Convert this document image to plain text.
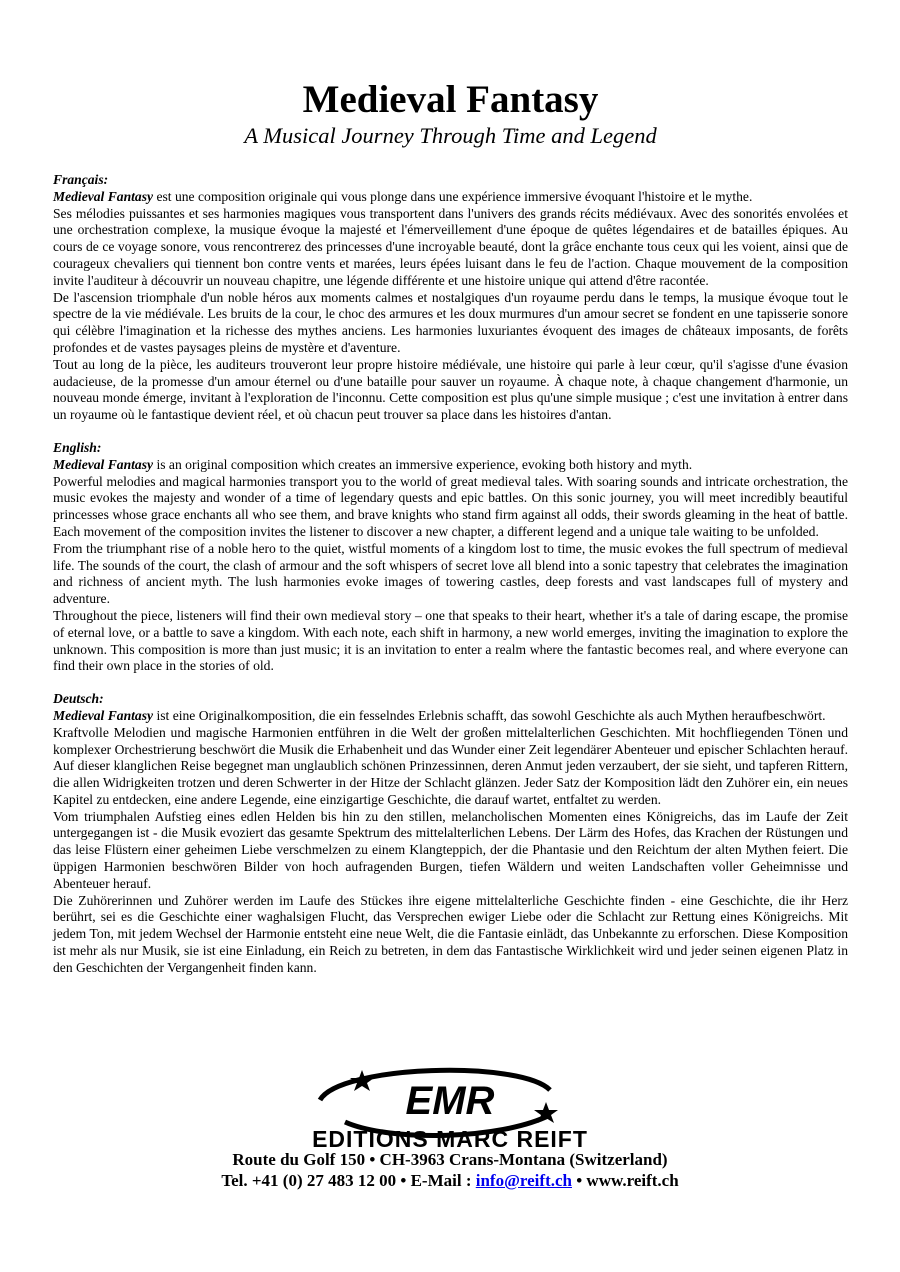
Medieval Fantasy

A Musical Journey Through Time and Legend

Français:

Medieval Fantasy est une composition originale qui vous plonge dans une expérience immersive évoquant l'histoire et le mythe.

Ses mélodies puissantes et ses harmonies magiques vous transportent dans l'univers des grands récits médiévaux. Avec des sonorités envolées et une orchestration complexe, la musique évoque la majesté et l'émerveillement d'une époque de quêtes légendaires et de batailles épiques. Au cours de ce voyage sonore, vous rencontrerez des princesses d'une incroyable beauté, dont la grâce enchante tous ceux qui les voient, ainsi que de courageux chevaliers qui tiennent bon contre vents et marées, leurs épées luisant dans le feu de l'action. Chaque mouvement de la composition invite l'auditeur à découvrir un nouveau chapitre, une légende différente et une histoire unique qui attend d'être racontée.

De l'ascension triomphale d'un noble héros aux moments calmes et nostalgiques d'un royaume perdu dans le temps, la musique évoque tout le spectre de la vie médiévale. Les bruits de la cour, le choc des armures et les doux murmures d'un amour secret se fondent en une tapisserie sonore qui célèbre l'imagination et la richesse des mythes anciens. Les harmonies luxuriantes évoquent des images de châteaux imposants, de forêts profondes et de vastes paysages pleins de mystère et d'aventure.

Tout au long de la pièce, les auditeurs trouveront leur propre histoire médiévale, une histoire qui parle à leur cœur, qu'il s'agisse d'une évasion audacieuse, de la promesse d'un amour éternel ou d'une bataille pour sauver un royaume. À chaque note, à chaque changement d'harmonie, un nouveau monde émerge, invitant à l'exploration de l'inconnu. Cette composition est plus qu'une simple musique ; c'est une invitation à entrer dans un royaume où le fantastique devient réel, et où chacun peut trouver sa place dans les histoires d'antan.

English:

Medieval Fantasy is an original composition which creates an immersive experience, evoking both history and myth.

Powerful melodies and magical harmonies transport you to the world of great medieval tales. With soaring sounds and intricate orchestration, the music evokes the majesty and wonder of a time of legendary quests and epic battles. On this sonic journey, you will meet incredibly beautiful princesses whose grace enchants all who see them, and brave knights who stand firm against all odds, their swords gleaming in the heat of battle. Each movement of the composition invites the listener to discover a new chapter, a different legend and a unique tale waiting to be unfolded.

From the triumphant rise of a noble hero to the quiet, wistful moments of a kingdom lost to time, the music evokes the full spectrum of medieval life. The sounds of the court, the clash of armour and the soft whispers of secret love all blend into a sonic tapestry that celebrates the imagination and richness of ancient myth. The lush harmonies evoke images of towering castles, deep forests and vast landscapes full of mystery and adventure.

Throughout the piece, listeners will find their own medieval story – one that speaks to their heart, whether it's a tale of daring escape, the promise of eternal love, or a battle to save a kingdom. With each note, each shift in harmony, a new world emerges, inviting the imagination to explore the unknown. This composition is more than just music; it is an invitation to enter a realm where the fantastic becomes real, and where everyone can find their own place in the stories of old.

Deutsch:

Medieval Fantasy ist eine Originalkomposition, die ein fesselndes Erlebnis schafft, das sowohl Geschichte als auch Mythen heraufbeschwört.

Kraftvolle Melodien und magische Harmonien entführen in die Welt der großen mittelalterlichen Geschichten. Mit hochfliegenden Tönen und komplexer Orchestrierung beschwört die Musik die Erhabenheit und das Wunder einer Zeit legendärer Abenteuer und epischer Schlachten herauf. Auf dieser klanglichen Reise begegnet man unglaublich schönen Prinzessinnen, deren Anmut jeden verzaubert, der sie sieht, und tapferen Rittern, die allen Widrigkeiten trotzen und deren Schwerter in der Hitze der Schlacht glänzen. Jeder Satz der Komposition lädt den Zuhörer ein, ein neues Kapitel zu entdecken, eine andere Legende, eine einzigartige Geschichte, die darauf wartet, entfaltet zu werden.

Vom triumphalen Aufstieg eines edlen Helden bis hin zu den stillen, melancholischen Momenten eines Königreichs, das im Laufe der Zeit untergegangen ist - die Musik evoziert das gesamte Spektrum des mittelalterlichen Lebens. Der Lärm des Hofes, das Krachen der Rüstungen und das leise Flüstern einer geheimen Liebe verschmelzen zu einem Klangteppich, der die Phantasie und den Reichtum der alten Mythen feiert. Die üppigen Harmonien beschwören Bilder von hoch aufragenden Burgen, tiefen Wäldern und weiten Landschaften voller Geheimnisse und Abenteuer herauf.

Die Zuhörerinnen und Zuhörer werden im Laufe des Stückes ihre eigene mittelalterliche Geschichte finden - eine Geschichte, die ihr Herz berührt, sei es die Geschichte einer waghalsigen Flucht, das Versprechen ewiger Liebe oder die Schlacht zur Rettung eines Königreichs. Mit jedem Ton, mit jedem Wechsel der Harmonie entsteht eine neue Welt, die die Fantasie einlädt, das Unbekannte zu erforschen. Diese Komposition ist mehr als nur Musik, sie ist eine Einladung, ein Reich zu betreten, in dem das Fantastische Wirklichkeit wird und jeder seinen eigenen Platz in den Geschichten der Vergangenheit finden kann.

EMR
EDITIONS MARC REIFT
Route du Golf 150 • CH-3963 Crans-Montana (Switzerland)
Tel. +41 (0) 27 483 12 00 • E-Mail : info@reift.ch • www.reift.ch
